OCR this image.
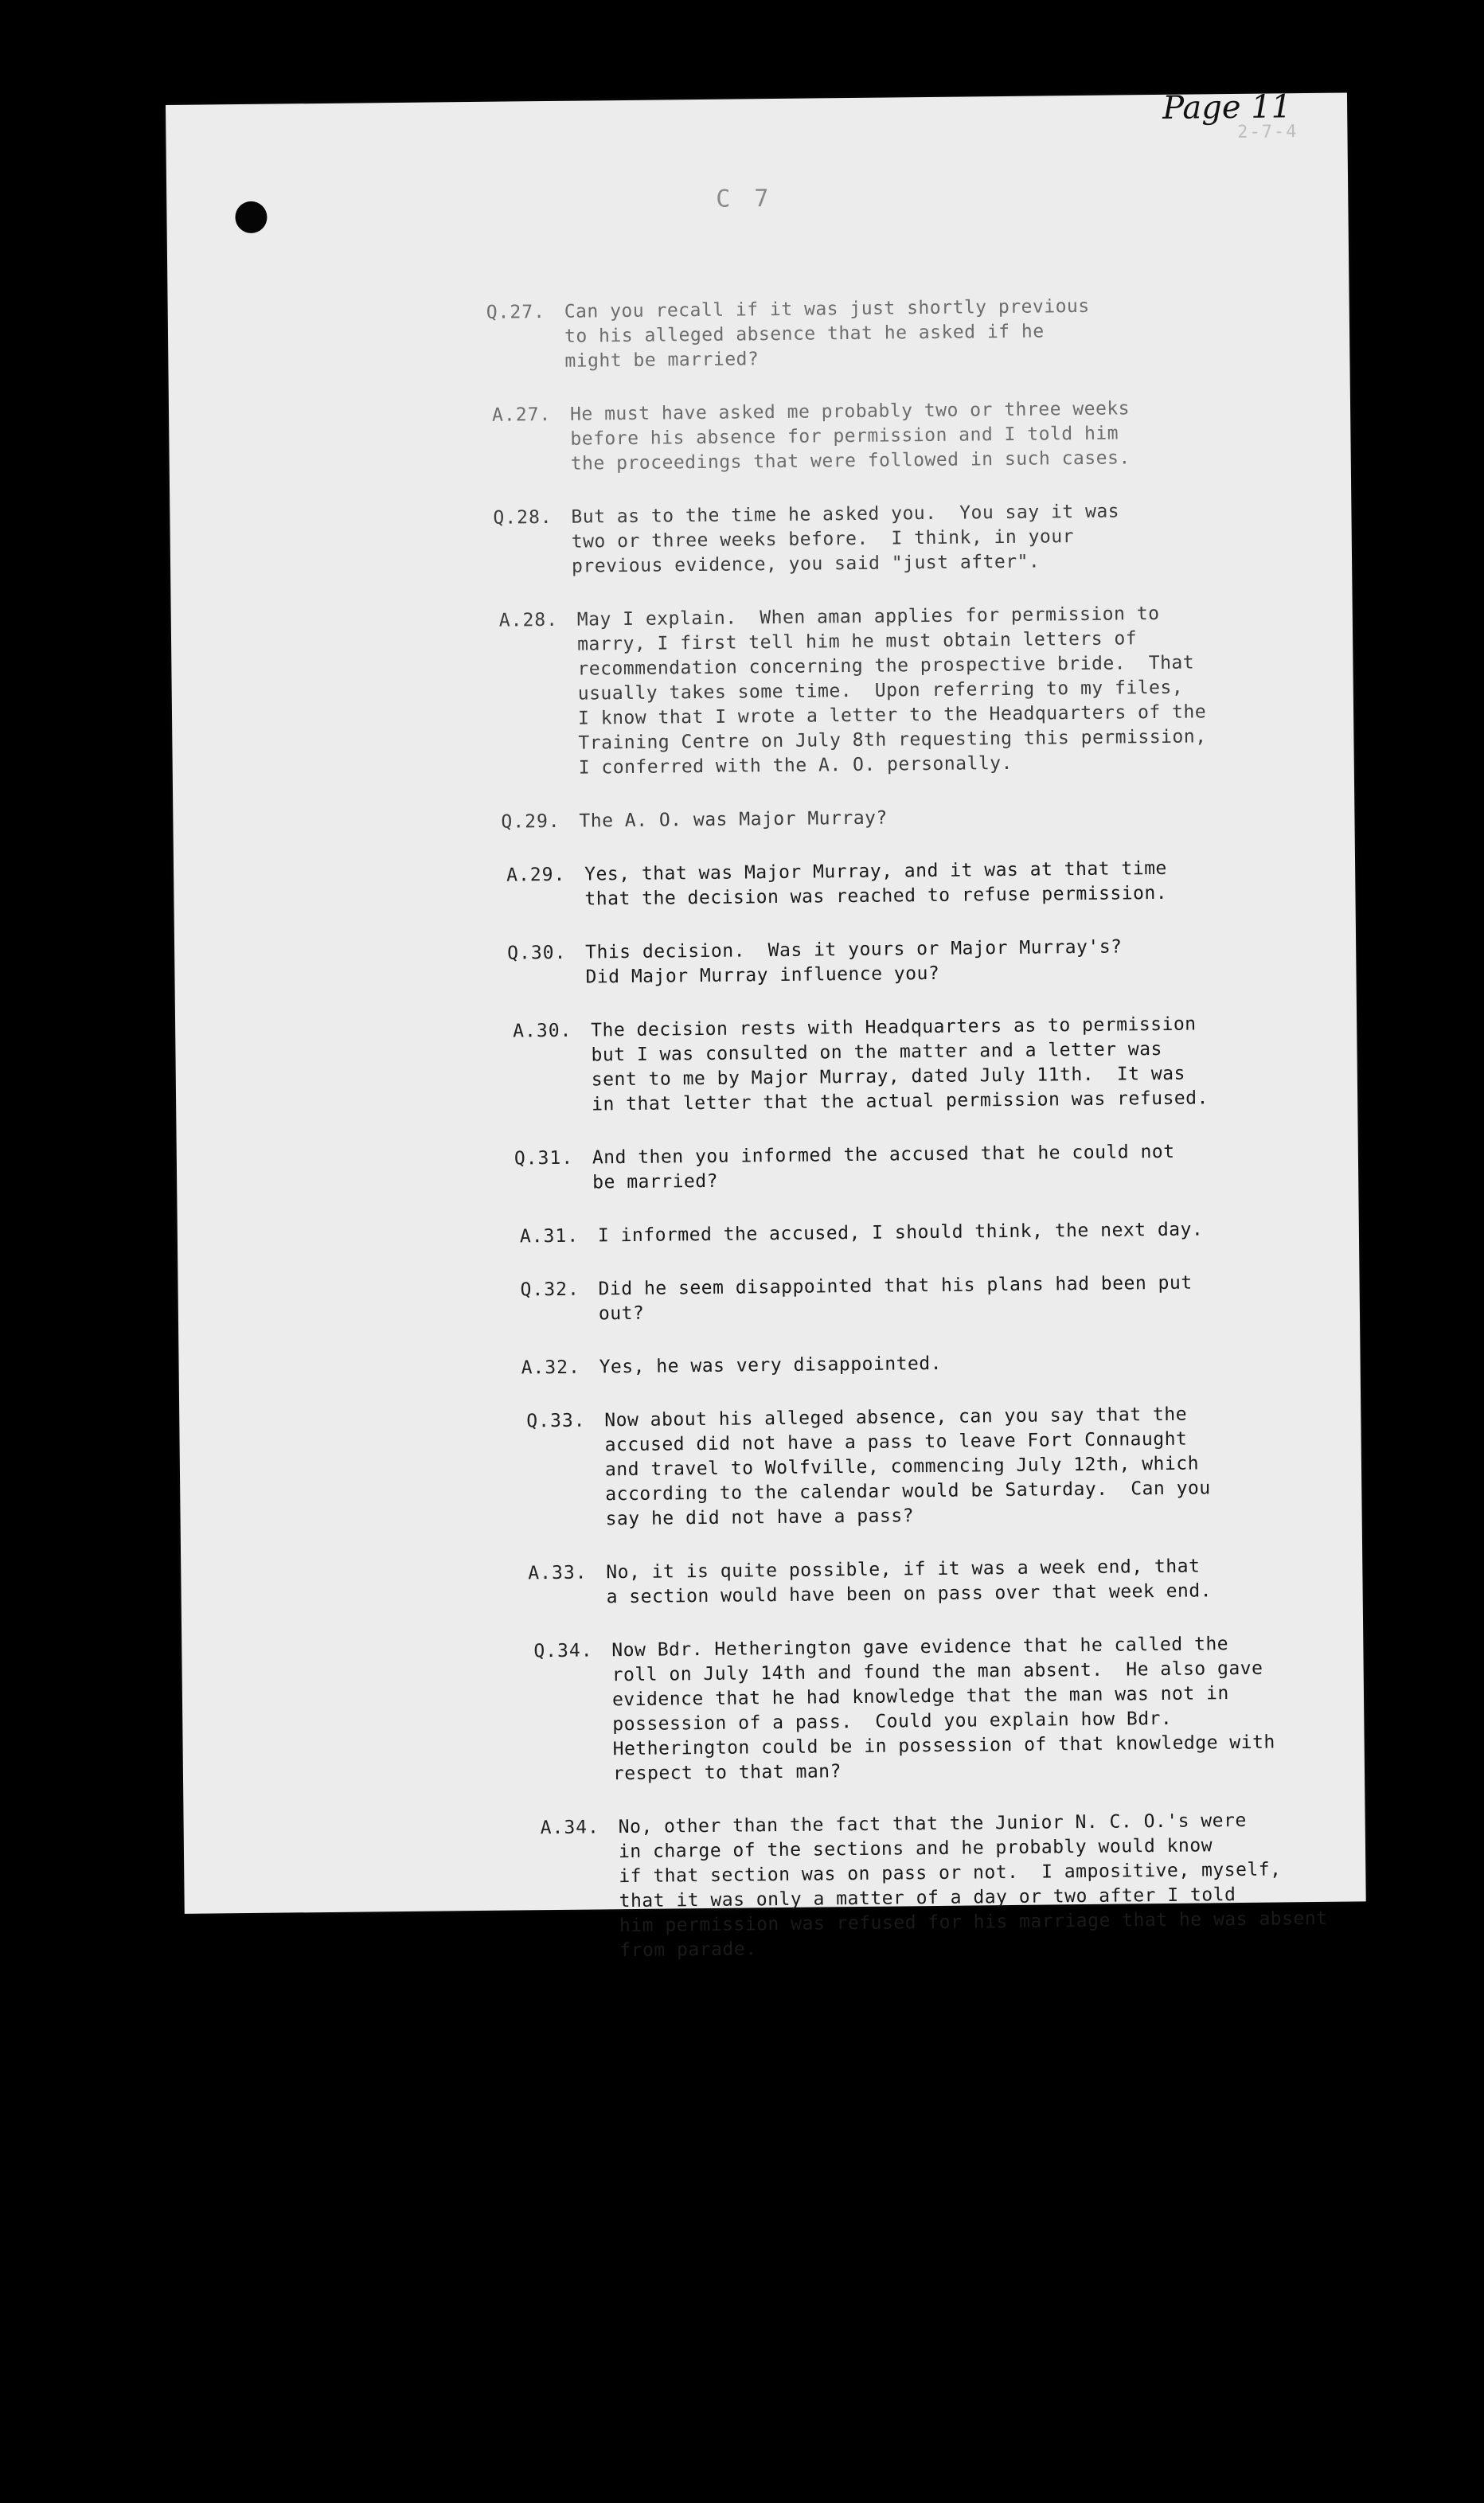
Page 11
2-7-4
C 7
Q.27.	Can you recall if it was just shortly previous
to his alleged absence that he asked if he
might be married?
A.27.	He must have asked me probably two or three weeks
before his absence for permission and I told him
the proceedings that were followed in such cases.
Q.28.	But as to the time he asked you.  You say it was
two or three weeks before.  I think, in your
previous evidence, you said "just after".
A.28.	May I explain.  When aman applies for permission to
marry, I first tell him he must obtain letters of
recommendation concerning the prospective bride.  That
usually takes some time.  Upon referring to my files,
I know that I wrote a letter to the Headquarters of the
Training Centre on July 8th requesting this permission,
I conferred with the A. O. personally.
Q.29.	The A. O. was Major Murray?
A.29.	Yes, that was Major Murray, and it was at that time
that the decision was reached to refuse permission.
Q.30.	This decision.  Was it yours or Major Murray's?
Did Major Murray influence you?
A.30.	The decision rests with Headquarters as to permission
but I was consulted on the matter and a letter was
sent to me by Major Murray, dated July 11th.  It was
in that letter that the actual permission was refused.
Q.31.	And then you informed the accused that he could not
be married?
A.31.	I informed the accused, I should think, the next day.
Q.32.	Did he seem disappointed that his plans had been put
out?
A.32.	Yes, he was very disappointed.
Q.33.	Now about his alleged absence, can you say that the
accused did not have a pass to leave Fort Connaught
and travel to Wolfville, commencing July 12th, which
according to the calendar would be Saturday.  Can you
say he did not have a pass?
A.33.	No, it is quite possible, if it was a week end, that
a section would have been on pass over that week end.
Q.34.	Now Bdr. Hetherington gave evidence that he called the
roll on July 14th and found the man absent.  He also gave
evidence that he had knowledge that the man was not in
possession of a pass.  Could you explain how Bdr.
Hetherington could be in possession of that knowledge with
respect to that man?
A.34.	No, other than the fact that the Junior N. C. O.'s were
in charge of the sections and he probably would know
if that section was on pass or not.  I ampositive, myself,
that it was only a matter of a day or two after I told
him permission was refused for his marriage that he was absent
from parade.
